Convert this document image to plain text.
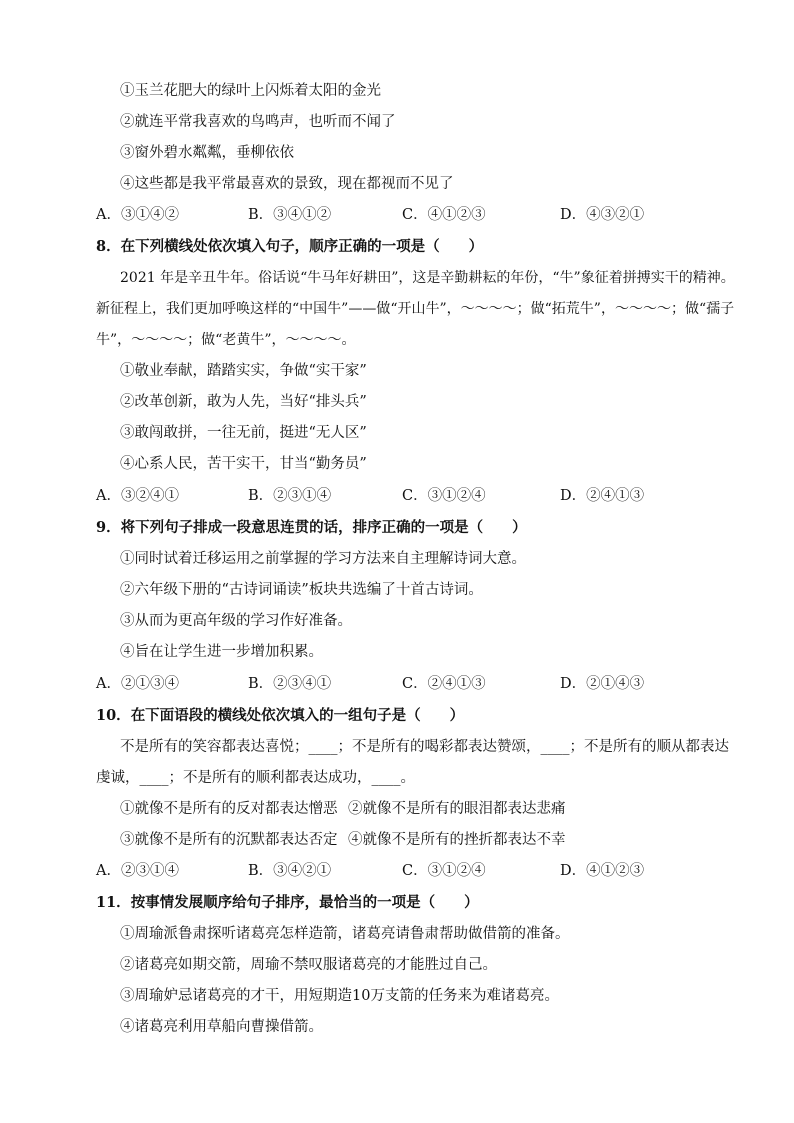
①玉兰花肥大的绿叶上闪烁着太阳的金光
②就连平常我喜欢的鸟鸣声，也听而不闻了
③窗外碧水粼粼，垂柳依依
④这些都是我平常最喜欢的景致，现在都视而不见了
A．③①④②	B．③④①②	C．④①②③	D．④③②①
8．在下列横线处依次填入句子，顺序正确的一项是（　　）
2021 年是辛丑牛年。俗话说“牛马年好耕田”，这是辛勤耕耘的年份，“牛”象征着拼搏实干的精神。
新征程上，我们更加呼唤这样的“中国牛”——做“开山牛”，～～～～；做“拓荒牛”，～～～～；做“孺子
牛”，～～～～；做“老黄牛”，～～～～。
①敬业奉献，踏踏实实，争做“实干家”
②改革创新，敢为人先，当好“排头兵”
③敢闯敢拼，一往无前，挺进“无人区”
④心系人民，苦干实干，甘当“勤务员”
A．③②④①	B．②③①④	C．③①②④	D．②④①③
9．将下列句子排成一段意思连贯的话，排序正确的一项是（　　）
①同时试着迁移运用之前掌握的学习方法来自主理解诗词大意。
②六年级下册的“古诗词诵读”板块共选编了十首古诗词。
③从而为更高年级的学习作好准备。
④旨在让学生进一步增加积累。
A．②①③④	B．②③④①	C．②④①③	D．②①④③
10．在下面语段的横线处依次填入的一组句子是（　　）
不是所有的笑容都表达喜悦；____；不是所有的喝彩都表达赞颂，____；不是所有的顺从都表达
虔诚，____；不是所有的顺利都表达成功，____。
①就像不是所有的反对都表达憎恶 ②就像不是所有的眼泪都表达悲痛
③就像不是所有的沉默都表达否定 ④就像不是所有的挫折都表达不幸
A．②③①④	B．③④②①	C．③①②④	D．④①②③
11．按事情发展顺序给句子排序，最恰当的一项是（　　）
①周瑜派鲁肃探听诸葛亮怎样造箭，诸葛亮请鲁肃帮助做借箭的准备。
②诸葛亮如期交箭，周瑜不禁叹服诸葛亮的才能胜过自己。
③周瑜妒忌诸葛亮的才干，用短期造10万支箭的任务来为难诸葛亮。
④诸葛亮利用草船向曹操借箭。
